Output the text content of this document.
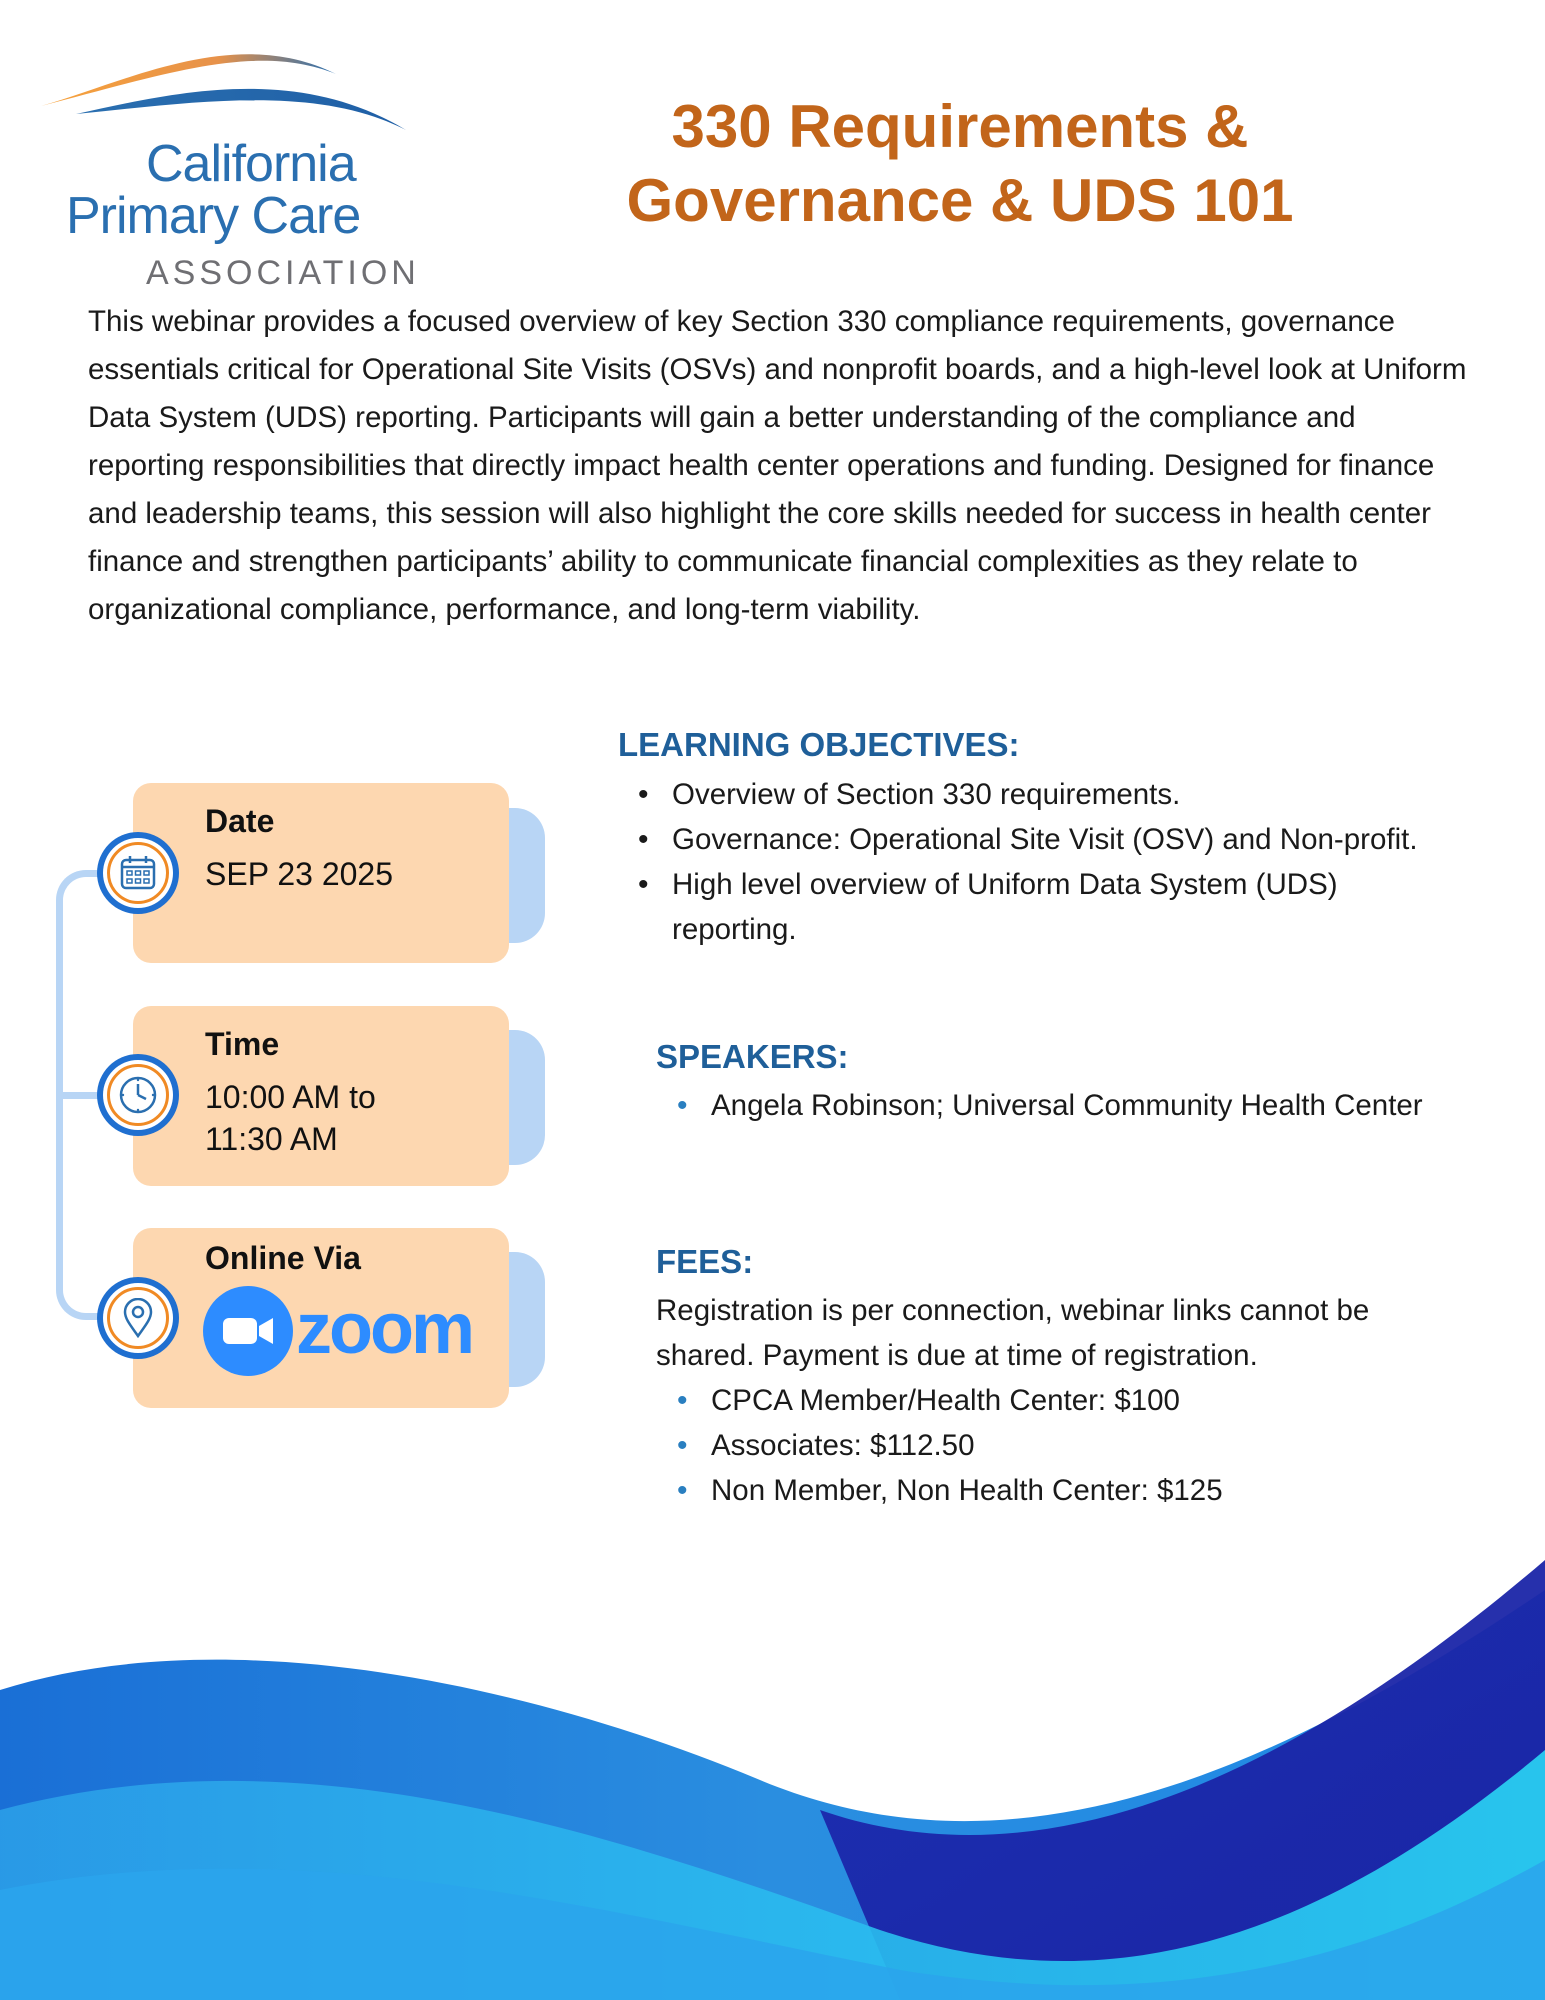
California
Primary Care
ASSOCIATION
330 Requirements &
Governance & UDS 101

This webinar provides a focused overview of key Section 330 compliance requirements, governance essentials critical for Operational Site Visits (OSVs) and nonprofit boards, and a high-level look at Uniform Data System (UDS) reporting. Participants will gain a better understanding of the compliance and reporting responsibilities that directly impact health center operations and funding. Designed for finance and leadership teams, this session will also highlight the core skills needed for success in health center finance and strengthen participants’ ability to communicate financial complexities as they relate to organizational compliance, performance, and long-term viability.

Date
SEP 23 2025
Time
10:00 AM to
11:30 AM
Online Via
zoom
LEARNING OBJECTIVES:
• Overview of Section 330 requirements.
• Governance: Operational Site Visit (OSV) and Non-profit.
• High level overview of Uniform Data System (UDS) reporting.
SPEAKERS:
• Angela Robinson; Universal Community Health Center
FEES:

Registration is per connection, webinar links cannot be shared. Payment is due at time of registration.

• CPCA Member/Health Center: $100
• Associates: $112.50
• Non Member, Non Health Center: $125
